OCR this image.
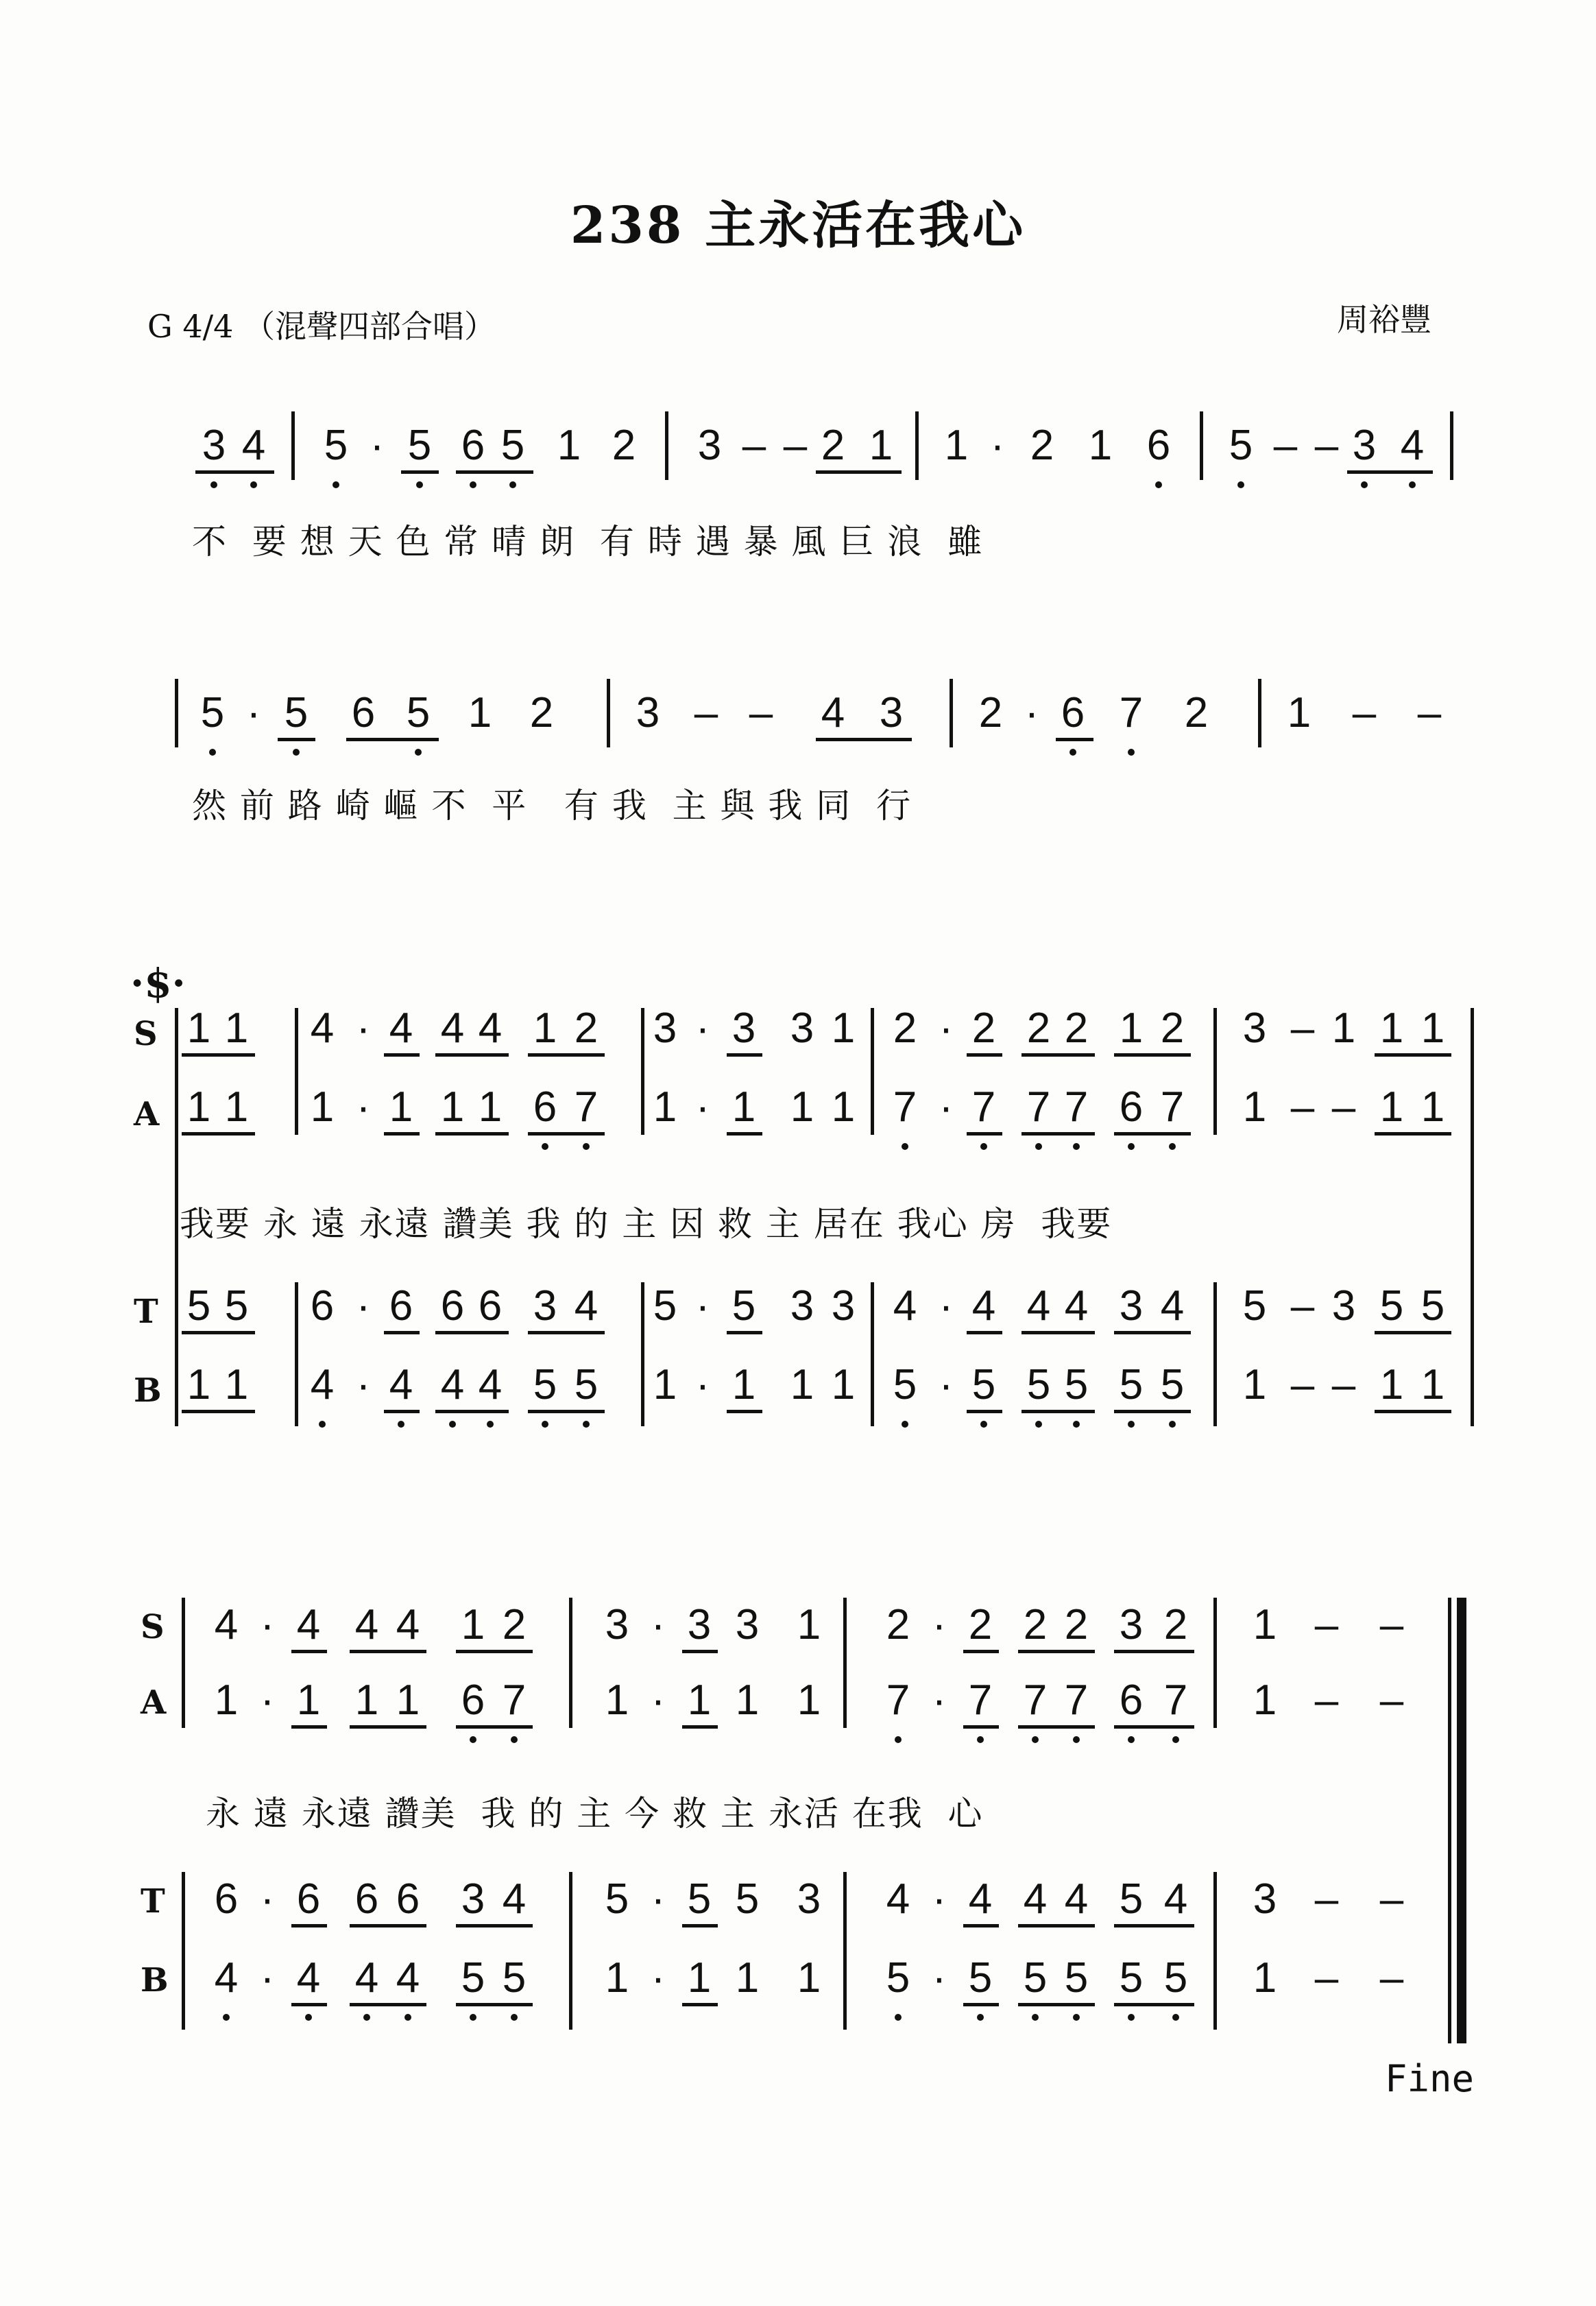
238 主永活在我心
G 4/4 （混聲四部合唱）	周裕豐
不  要 想 天 色 常 晴 朗  有 時 遇 暴 風 巨 浪  雖
然 前 路 崎 嶇 不  平   有 我  主 與 我 同  行
·$·
S
A
T
B
我要 永 遠 永遠 讚美 我 的 主 因 救 主 居在 我心 房  我要
S
A
T
B
永 遠 永遠 讚美  我 的 主 今 救 主 永活 在我  心
Fine
3 4 5 · 5 6 5 1 2 3 – – 2 1 1 · 2 1 6 5 – – 3 4
5 · 5 6 5 1 2 3 – – 4 3 2 · 6 7 2 1 – –
1 1 4 · 4 4 4 1 2 3 · 3 3 1 2 · 2 2 2 1 2 3 – 1 1 1
1 1 1 · 1 1 1 6 7 1 · 1 1 1 7 · 7 7 7 6 7 1 – – 1 1
5 5 6 · 6 6 6 3 4 5 · 5 3 3 4 · 4 4 4 3 4 5 – 3 5 5
1 1 4 · 4 4 4 5 5 1 · 1 1 1 5 · 5 5 5 5 5 1 – – 1 1
4 · 4 4 4 1 2 3 · 3 3 1 2 · 2 2 2 3 2 1 – –
1 · 1 1 1 6 7 1 · 1 1 1 7 · 7 7 7 6 7 1 – –
6 · 6 6 6 3 4 5 · 5 5 3 4 · 4 4 4 5 4 3 – –
4 · 4 4 4 5 5 1 · 1 1 1 5 · 5 5 5 5 5 1 – –
